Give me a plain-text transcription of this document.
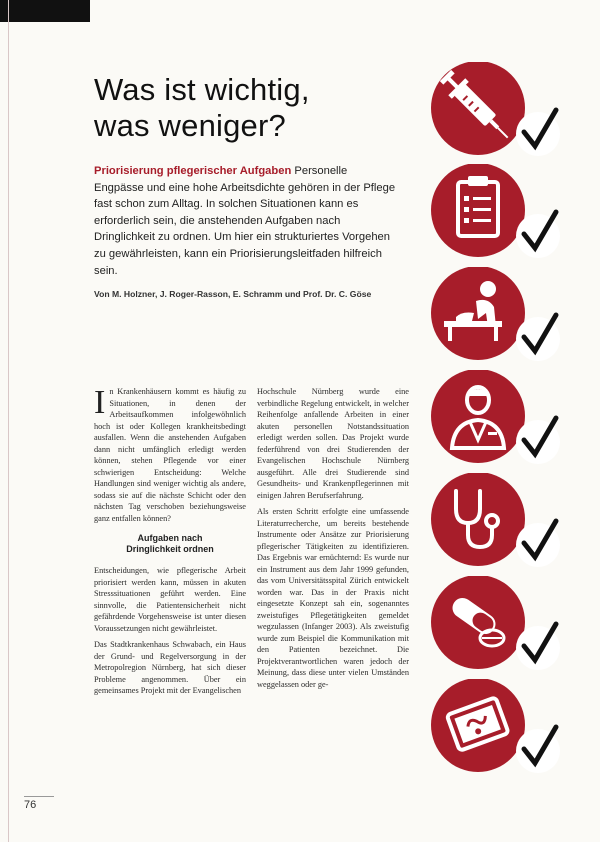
Was ist wichtig,
was weniger?

Priorisierung pflegerischer Aufgaben Personelle Engpässe und eine hohe Arbeitsdichte gehören in der Pflege fast schon zum Alltag. In solchen Situationen kann es erforderlich sein, die anstehenden Aufgaben nach Dringlichkeit zu ordnen. Um hier ein strukturiertes Vorgehen zu gewährleisten, kann ein Priorisierungsleitfaden hilfreich sein.

Von M. Holzner, J. Roger-Rasson, E. Schramm und Prof. Dr. C. Göse

In Krankenhäusern kommt es häufig zu Situationen, in denen der Arbeitsaufkommen infolgewöhnlich hoch ist oder Kollegen krankheitsbedingt ausfallen. Wenn die anstehenden Aufgaben dann nicht umfänglich erledigt werden können, stehen Pflegende vor einer schwierigen Entscheidung: Welche Handlungen sind weniger wichtig als andere, sodass sie auf die nächste Schicht oder den nächsten Tag verschoben beziehungsweise ganz entfallen können?

Aufgaben nach
Dringlichkeit ordnen

Entscheidungen, wie pflegerische Arbeit priorisiert werden kann, müssen in akuten Stresssituationen geführt werden. Eine sinnvolle, die Patientensicherheit nicht gefährdende Vorgehensweise ist unter diesen Voraussetzungen nicht gewährleistet.

Das Stadtkrankenhaus Schwabach, ein Haus der Grund- und Regelversorgung in der Metropolregion Nürnberg, hat sich dieser Probleme angenommen. Über ein gemeinsames Projekt mit der Evangelischen

Hochschule Nürnberg wurde eine verbindliche Regelung entwickelt, in welcher Reihenfolge anfallende Arbeiten in einer akuten personellen Notstandssituation erledigt werden sollen. Das Projekt wurde federführend von drei Studierenden der Evangelischen Hochschule Nürnberg ausgeführt. Alle drei Studierende sind Gesundheits- und Krankenpflegerinnen mit einigen Jahren Berufserfahrung.

Als ersten Schritt erfolgte eine umfassende Literaturrecherche, um bereits bestehende Instrumente oder Ansätze zur Priorisierung pflegerischer Tätigkeiten zu identifizieren. Das Ergebnis war ernüchternd: Es wurde nur ein Instrument aus dem Jahr 1999 gefunden, das vom Universitätsspital Zürich entwickelt worden war. Das in der Praxis nicht eingesetzte Konzept sah ein, sogenanntes zweistufiges Pflegetätigkeiten gemeldet wegzulassen (Infanger 2003). Als zweistufig wurde zum Beispiel die Kommunikation mit den Patienten bezeichnet. Die Projektverantwortlichen waren jedoch der Meinung, dass diese unter vielen Umständen weggelassen oder ge-

76
